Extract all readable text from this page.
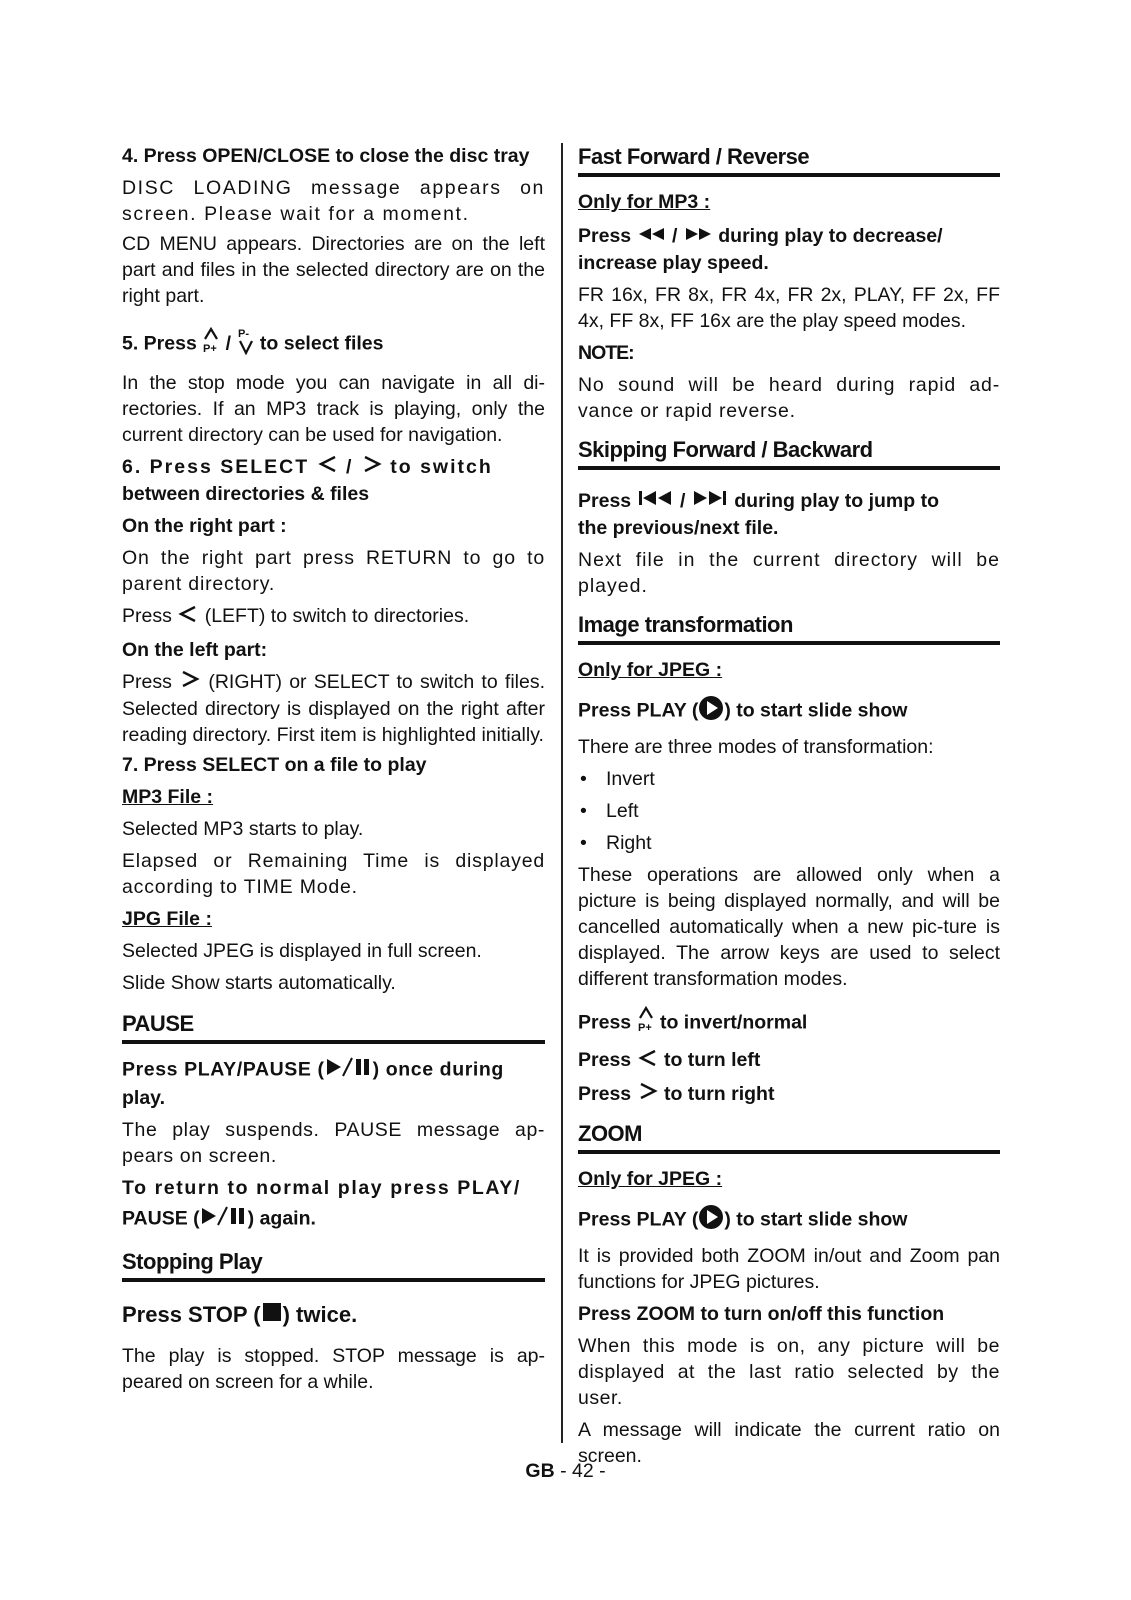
4. Press OPEN/CLOSE to close the disc tray

DISC LOADING message appears on screen. Please wait for a moment.

CD MENU appears. Directories are on the left part and files in the selected directory are on the right part.

5. Press P+ / P- to select files

In the stop mode you can navigate in all di-rectories. If an MP3 track is playing, only the current directory can be used for navigation.

6. Press SELECT / to switch

between directories & files

On the right part :

On the right part press RETURN to go to parent directory.

Press (LEFT) to switch to directories.

On the left part:

Press (RIGHT) or SELECT to switch to files. Selected directory is displayed on the right after reading directory. First item is highlighted initially.

7. Press SELECT on a file to play

MP3 File :

Selected MP3 starts to play.

Elapsed or Remaining Time is displayed according to TIME Mode.

JPG File :

Selected JPEG is displayed in full screen.

Slide Show starts automatically.

PAUSE

Press PLAY/PAUSE ( ) once during

play.

The play suspends. PAUSE message ap-pears on screen.

To return to normal play press PLAY/

PAUSE ( ) again.

Stopping Play

Press STOP ( ) twice.

The play is stopped. STOP message is ap-peared on screen for a while.

Fast Forward / Reverse

Only for MP3 :

Press / during play to decrease/

increase play speed.

FR 16x, FR 8x, FR 4x, FR 2x, PLAY, FF 2x, FF 4x, FF 8x, FF 16x are the play speed modes.

NOTE:

No sound will be heard during rapid ad-vance or rapid reverse.

Skipping Forward / Backward

Press	/	during play to jump to

the previous/next file.

Next file in the current directory will be played.

Image transformation

Only for JPEG :

Press PLAY ( ) to start slide show

There are three modes of transformation:

• Invert

• Left

• Right

These operations are allowed only when a picture is being displayed normally, and will be cancelled automatically when a new pic-ture is displayed. The arrow keys are used to select different transformation modes.

Press P+ to invert/normal

Press to turn left

Press to turn right

ZOOM

Only for JPEG :

Press PLAY ( ) to start slide show

It is provided both ZOOM in/out and Zoom pan functions for JPEG pictures.

Press ZOOM to turn on/off this function

When this mode is on, any picture will be displayed at the last ratio selected by the user.

A message will indicate the current ratio on screen.

GB - 42 -
